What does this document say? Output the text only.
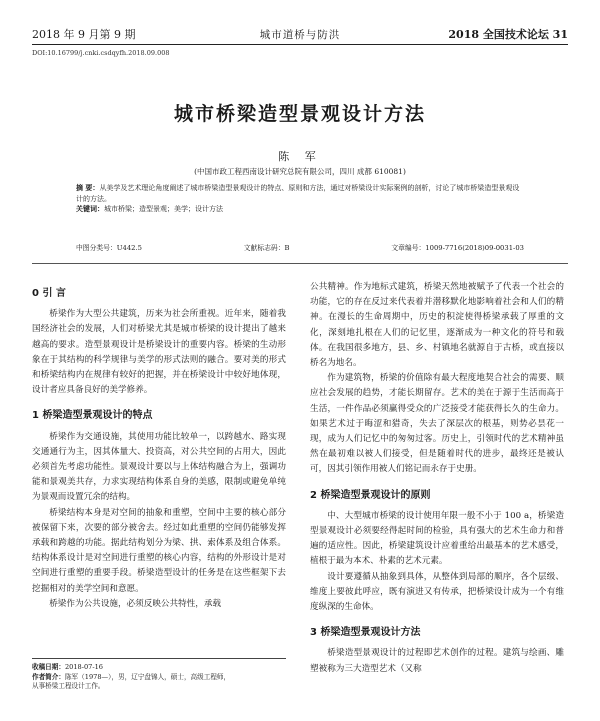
2018 年 9 月第 9 期	城市道桥与防洪	2018 全国技术论坛 31
DOI:10.16799/j.cnki.csdqyfh.2018.09.008
城市桥梁造型景观设计方法
陈 军
(中国市政工程西南设计研究总院有限公司，四川 成都 610081)
摘 要：从美学及艺术理论角度阐述了城市桥梁造型景观设计的特点、原则和方法，通过对桥梁设计实际案例的剖析，讨论了城市桥梁造型景观设计的方法。
关键词：城市桥梁；造型景观；美学；设计方法
中图分类号：U442.5	文献标志码：B	文章编号：1009-7716(2018)09-0031-03
0 引 言

桥梁作为大型公共建筑，历来为社会所重视。近年来，随着我国经济社会的发展，人们对桥梁尤其是城市桥梁的设计提出了越来越高的要求。造型景观设计是桥梁设计的重要内容。桥梁的生动形象在于其结构的科学规律与美学的形式法则的融合。要对美的形式和桥梁结构内在规律有较好的把握，并在桥梁设计中较好地体现，设计者应具备良好的美学修养。

1 桥梁造型景观设计的特点

桥梁作为交通设施，其使用功能比较单一，以跨越水、路实现交通通行为主，因其体量大、投资高，对公共空间的占用大，因此必须首先考虑功能性。景观设计要以与上体结构融合为上，强调功能和景观美共存，力求实现结构体系自身的美感，限制或避免单纯为景观而设置冗余的结构。

桥梁结构本身是对空间的抽象和重塑，空间中主要的核心部分被保留下来，次要的部分被舍去。经过如此重塑的空间仍能够发挥承载和跨越的功能。据此结构划分为梁、拱、索体系及组合体系。结构体系设计是对空间进行重塑的核心内容，结构的外形设计是对空间进行重塑的重要手段。桥梁造型设计的任务是在这些框架下去挖掘相对的美学空间和意愿。

桥梁作为公共设施，必须反映公共特性，承载

公共精神。作为地标式建筑，桥梁天然地被赋予了代表一个社会的功能，它的存在反过来代表着并潜移默化地影响着社会和人们的精神。在漫长的生命周期中，历史的积淀使得桥梁承载了厚重的文化，深刻地扎根在人们的记忆里，逐渐成为一种文化的符号和载体。在我国很多地方，县、乡、村镇地名就源自于古桥，或直接以桥名为地名。

作为建筑物，桥梁的价值除有最大程度地契合社会的需要、顺应社会发展的趋势，才能长期留存。艺术的美在于源于生活而高于生活，一件作品必须赢得受众的广泛接受才能获得长久的生命力。如果艺术过于晦涩和猎奇，失去了深层次的根基，则势必昙花一现，成为人们记忆中的匆匆过客。历史上，引领时代的艺术精神虽然在最初难以被人们接受，但是随着时代的进步，最终还是被认可，因其引领作用被人们铭记而永存于史册。

2 桥梁造型景观设计的原则

中、大型城市桥梁的设计使用年限一般不小于 100 a，桥梁造型景观设计必须要经得起时间的检验，具有强大的艺术生命力和普遍的适应性。因此，桥梁建筑设计应着重给出最基本的艺术感受，植根于最为本术、朴素的艺术元素。

设计要遵循从抽象到具体，从整体到局部的顺序，各个层级、维度上要彼此呼应，既有演进又有传承，把桥梁设计成为一个有维度纵深的生命体。

3 桥梁造型景观设计方法

桥梁造型景观设计的过程即艺术创作的过程。建筑与绘画、雕塑被称为三大造型艺术（又称

收稿日期：2018-07-16
作者简介：陈军（1978—），男，辽宁盘锦人，硕士，高级工程师，
从事桥梁工程设计工作。
